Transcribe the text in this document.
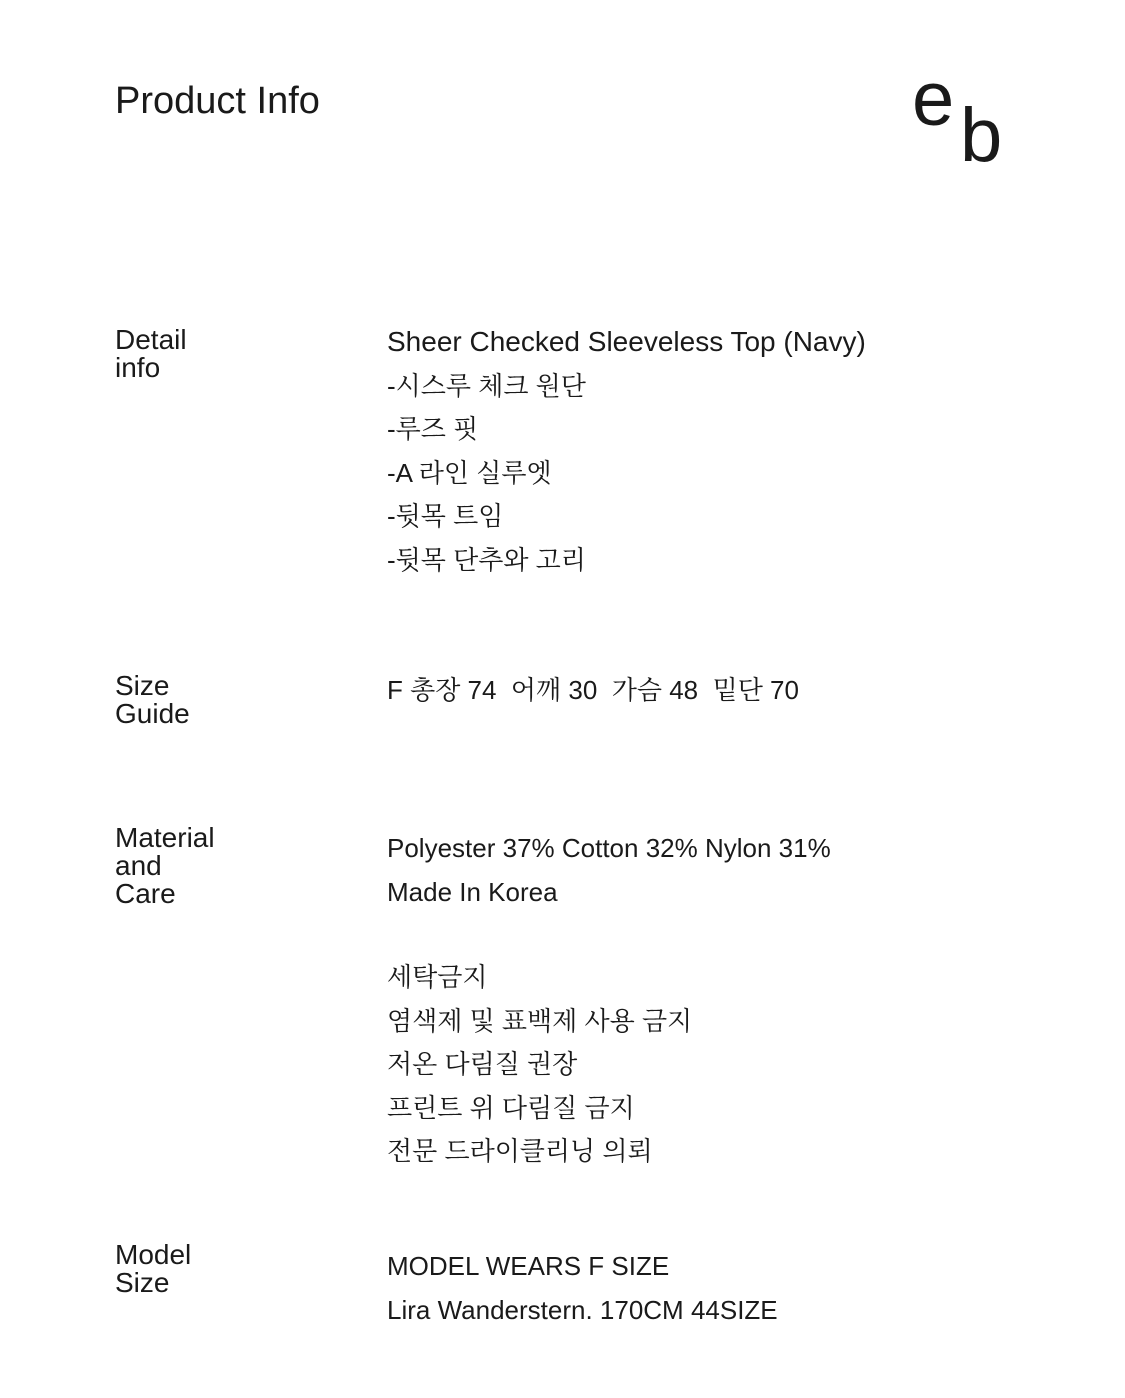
Product Info	e b
Detail
info
Sheer Checked Sleeveless Top (Navy)
-시스루 체크 원단
-루즈 핏
-A 라인 실루엣
-뒷목 트임
-뒷목 단추와 고리
Size
Guide
F 총장 74  어깨 30  가슴 48  밑단 70
Material
and
Care
Polyester 37% Cotton 32% Nylon 31%
Made In Korea
세탁금지
염색제 및 표백제 사용 금지
저온 다림질 권장
프린트 위 다림질 금지
전문 드라이클리닝 의뢰
Model
Size
MODEL WEARS F SIZE
Lira Wanderstern. 170CM 44SIZE
